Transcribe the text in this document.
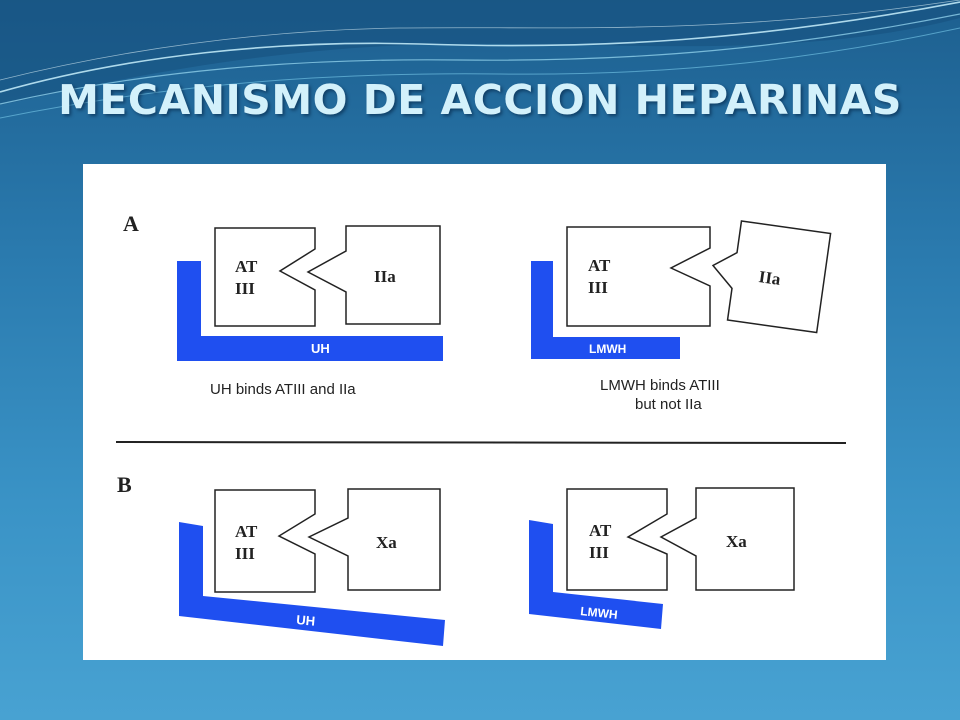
MECANISMO DE ACCION HEPARINAS
A
UH
AT III
IIa
UH binds ATIII and IIa
LMWH
AT III	IIa
LMWH binds ATIII
but not IIa
B
UH
AT III
Xa
LMWH
AT III
Xa
